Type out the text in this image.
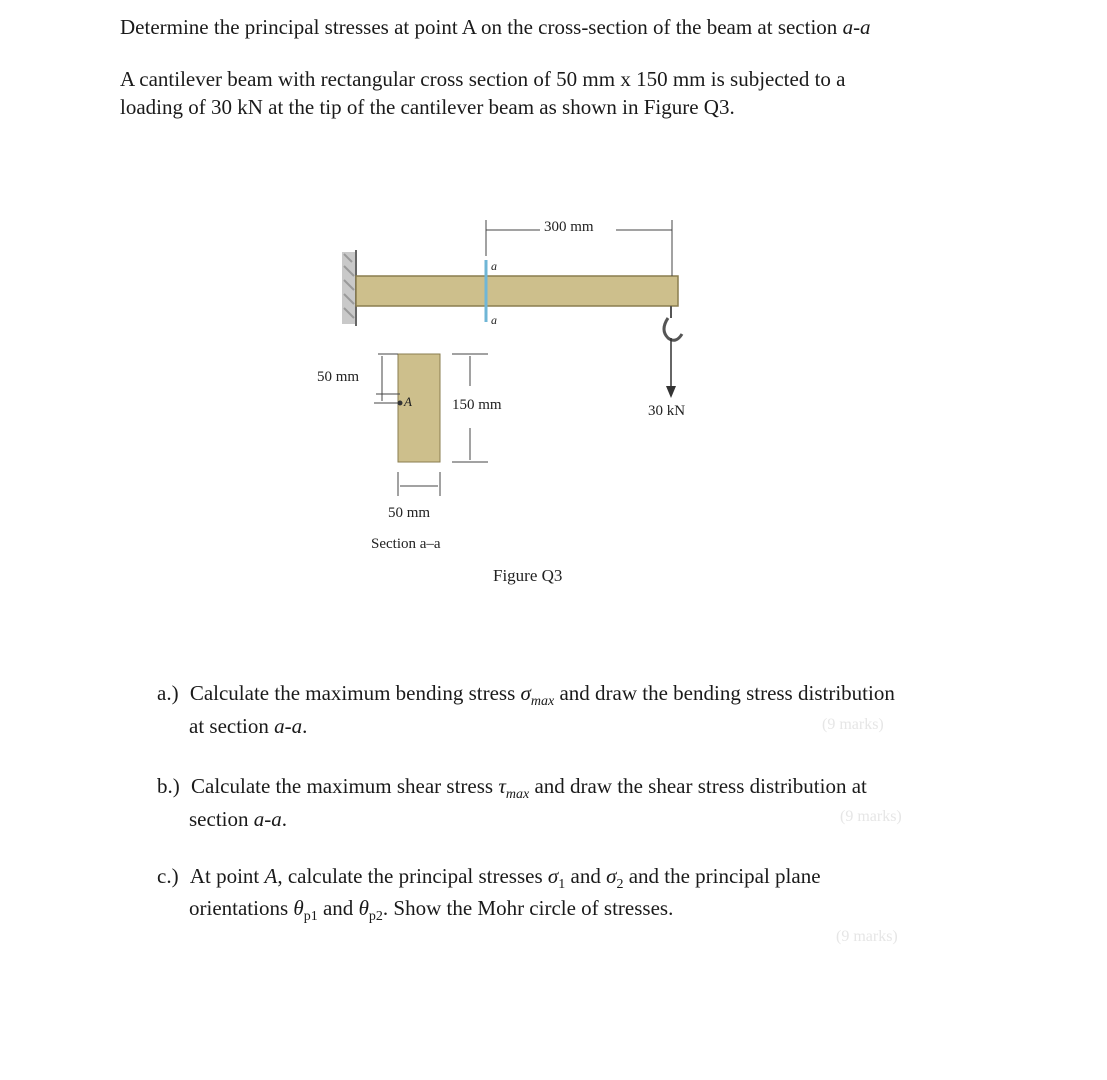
Determine the principal stresses at point A on the cross-section of the beam at section a-a
A cantilever beam with rectangular cross section of 50 mm x 150 mm is subjected to a
loading of 30 kN at the tip of the cantilever beam as shown in Figure Q3.
300 mm
a
a
30 kN
50 mm
A	150 mm
50 mm
Section a–a
Figure Q3
a.) Calculate the maximum bending stress $\sigma_{max}$ and draw the bending stress distribution
at section a-a.	(9 marks)
b.) Calculate the maximum shear stress $\tau_{max}$ and draw the shear stress distribution at
section a-a.	(9 marks)
c.) At point A, calculate the principal stresses $\sigma_1$ and $\sigma_2$ and the principal plane
orientations $\theta_{p1}$ and $\theta_{p2}$. Show the Mohr circle of stresses.
(9 marks)
